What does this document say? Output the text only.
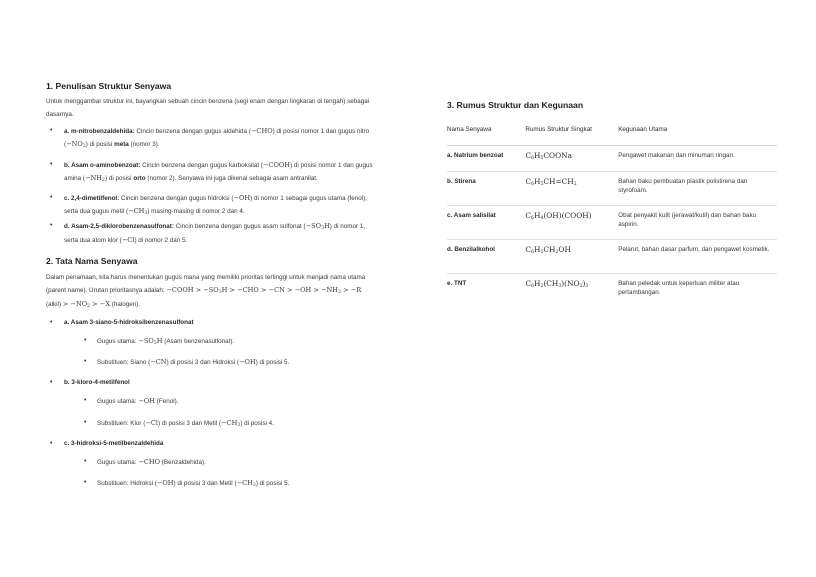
1. Penulisan Struktur Senyawa

Untuk menggambar struktur ini, bayangkan sebuah cincin benzena (segi enam dengan lingkaran di tengah) sebagai dasarnya.

• a. m-nitrobenzaldehida: Cincin benzena dengan gugus aldehida (−CHO) di posisi nomor 1 dan gugus nitro $(-NO_2)$ di posisi meta (nomor 3).
• b. Asam o-aminobenzoat: Cincin benzena dengan gugus karboksilat (−COOH) di posisi nomor 1 dan gugus amina $(-NH_2)$ di posisi orto (nomor 2). Senyawa ini juga dikenal sebagai asam antranilat.
• c. 2,4-dimetilfenol: Cincin benzena dengan gugus hidroksi (−OH) di nomor 1 sebagai gugus utama (fenol), serta dua gugus metil $(-CH_3)$ masing-masing di nomor 2 dan 4.
• d. Asam-2,5-diklorobenzenasulfonat: Cincin benzena dengan gugus asam sulfonat $(-SO_3H)$ di nomor 1, serta dua atom klor (−Cl) di nomor 2 dan 5.
2. Tata Nama Senyawa

Dalam penamaan, kita harus menentukan gugus mana yang memiliki prioritas tertinggi untuk menjadi nama utama (parent name). Urutan prioritasnya adalah: −COOH > $-SO_3H > -CHO > -CN > -OH > -NH_2 > -R$ (alkil) > $-NO_2 > -X$ (halogen).

• a. Asam 3-siano-5-hidroksibenzenasulfonat
• Gugus utama: $-SO_3H$ (Asam benzenasulfonat).
• Substituen: Siano (−CN) di posisi 3 dan Hidroksi (−OH) di posisi 5.
• b. 3-kloro-4-metilfenol
• Gugus utama: −OH (Fenol).
• Substituen: Klor (−Cl) di posisi 3 dan Metil $(-CH_3)$ di posisi 4.
• c. 3-hidroksi-5-metilbenzaldehida
• Gugus utama: −CHO (Benzaldehida).
• Substituen: Hidroksi (−OH) di posisi 3 dan Metil $(-CH_3)$ di posisi 5.
3. Rumus Struktur dan Kegunaan
Nama Senyawa	Rumus Struktur Singkat	Kegunaan Utama
a. Natrium benzoat	$C_6H_5COONa$	Pengawet makanan dan minuman ringan.
b. Stirena	$C_6H_5CH=CH_2$	Bahan baku pembuatan plastik polistirena dan styrofoam.
c. Asam salisilat	$C_6H_4(OH)(COOH)$	Obat penyakit kulit (jerawat/kutil) dan bahan baku aspirin.
d. Benzilalkohol	$C_6H_5CH_2OH$	Pelarut, bahan dasar parfum, dan pengawet kosmetik.
e. TNT	$C_6H_2(CH_3)(NO_2)_3$	Bahan peledak untuk keperluan militer atau pertambangan.
